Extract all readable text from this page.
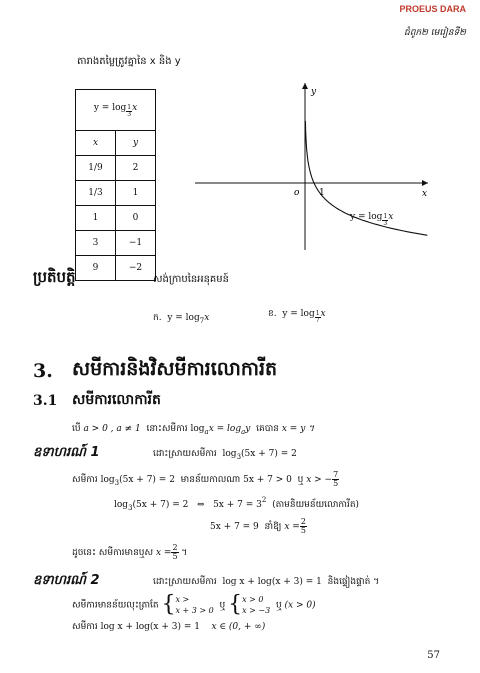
PROEUS DARA
ជំពូក២ មេរៀនទី២
តារាងតម្លៃត្រូវគ្នានៃ x និង y
$y = \log \frac{1}{3}$ x	
x	y
1/9	2
1/3	1
1	0
3	−1
9	−2
y
x
o 1
$y = \log \frac{1}{3}$ x
ប្រតិបត្តិ	សង់ក្រាបនៃអនុគមន៍
ក. $y = \log_7x$	ខ. $y = \log \frac{1}{7}$ x
3. សមីការនិងវិសមីការលោការីត
3.1 សមីការលោការីត
បើ a > 0 , a ≠ 1 នោះសមីការ $\log_ax = \log_ay$ គេបាន x = y ។
ឧទាហរណ៍ 1	ដោះស្រាយសមីការ $\log_3(5x + 7) = 2$
សមីការ $\log_3(5x + 7) = 2$ មានន័យកាលណា 5x + 7 > 0 ឬ x > − $\frac{7}{5}$
$\log_3(5x + 7) = 2$ ⇔ $5x + 7 = 3^2$ (តាមនិយមន័យលោការីត)
5x + 7 = 9 នាំឱ្យ $x = \frac{2}{5}$
ដូចនេះ សមីការមានឬស $x = \frac{2}{5}$ ។
ឧទាហរណ៍ 2	ដោះស្រាយសមីការ log x + log(x + 3) = 1 និងផ្ទៀងផ្ទាត់ ។
សមីការមានន័យលុះត្រាតែ { x >
x + 3 > 0 ឬ { x > 0
x > −3 ឬ (x > 0)
សមីការ log x + log(x + 3) = 1 x ∈ (0, + ∞)
57
